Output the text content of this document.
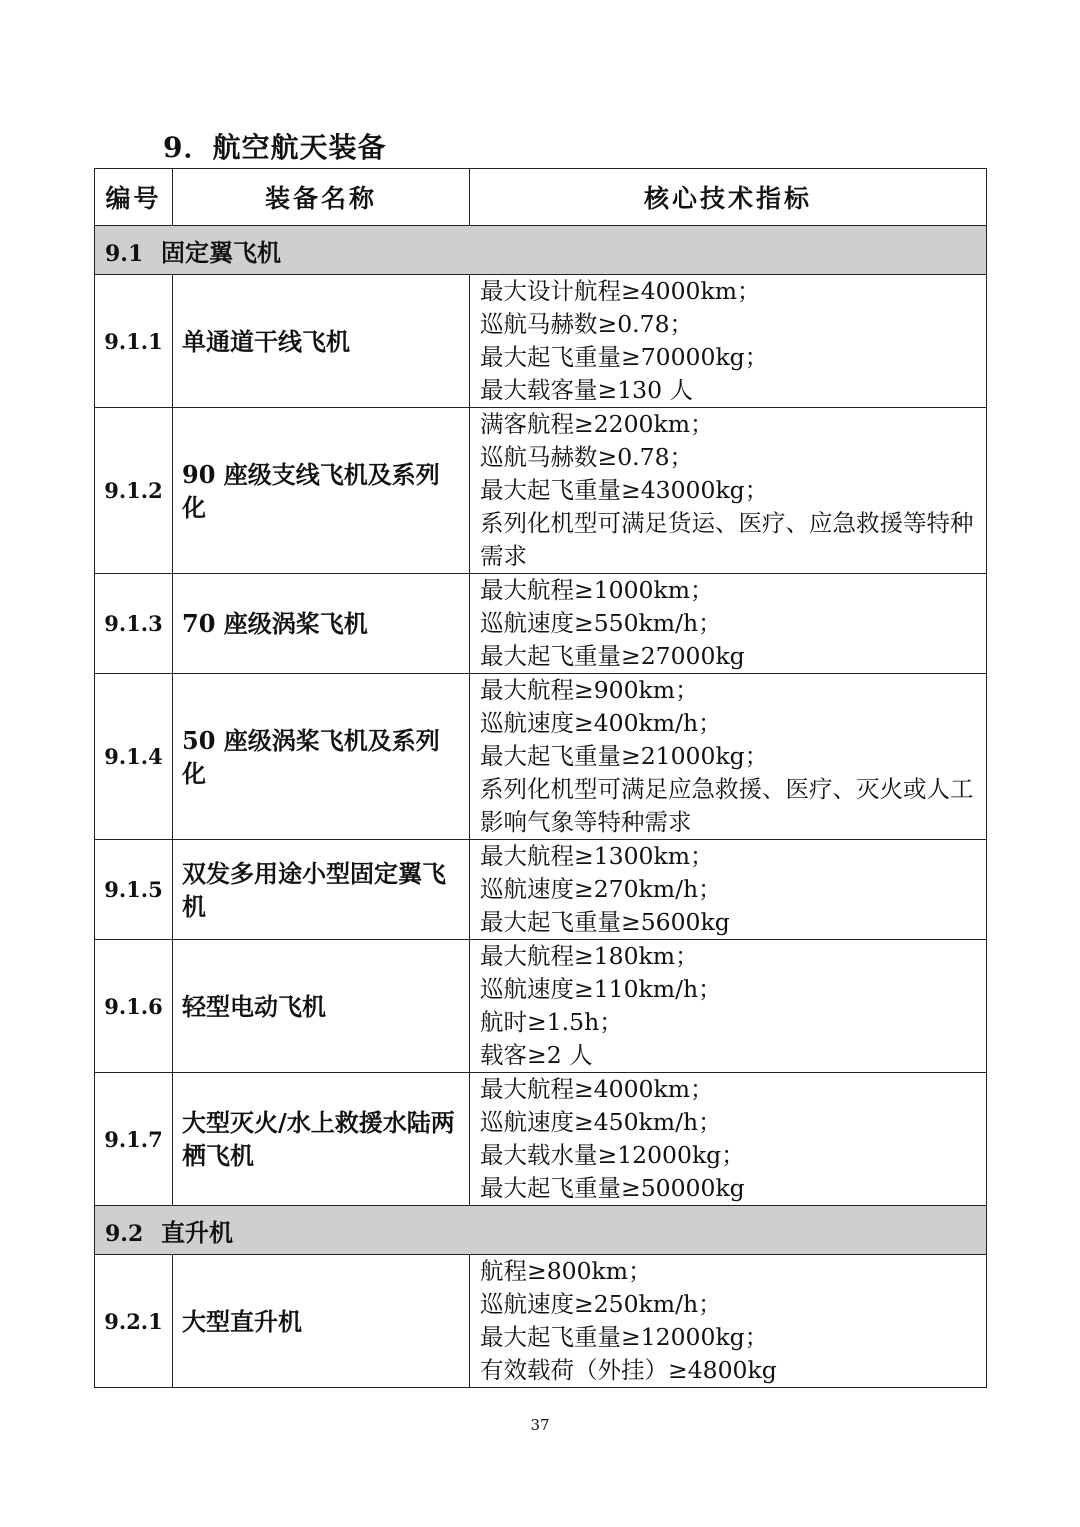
9．航空航天装备
编号	装备名称	核心技术指标
9.1 固定翼飞机		
9.1.1	单通道干线飞机	最大设计航程≥4000km；
巡航马赫数≥0.78；
最大起飞重量≥70000kg；
最大载客量≥130 人

9.1.2	90 座级支线飞机及系列化	满客航程≥2200km；
巡航马赫数≥0.78；
最大起飞重量≥43000kg；
系列化机型可满足货运、医疗、应急救援等特种需求

9.1.3	70 座级涡桨飞机	最大航程≥1000km；
巡航速度≥550km/h；
最大起飞重量≥27000kg

9.1.4	50 座级涡桨飞机及系列化	最大航程≥900km；
巡航速度≥400km/h；
最大起飞重量≥21000kg；
系列化机型可满足应急救援、医疗、灭火或人工影响气象等特种需求

9.1.5	双发多用途小型固定翼飞机	最大航程≥1300km；
巡航速度≥270km/h；
最大起飞重量≥5600kg

9.1.6	轻型电动飞机	最大航程≥180km；
巡航速度≥110km/h；
航时≥1.5h；
载客≥2 人

9.1.7	大型灭火/水上救援水陆两栖飞机	最大航程≥4000km；
巡航速度≥450km/h；
最大载水量≥12000kg；
最大起飞重量≥50000kg

9.2 直升机		
9.2.1	大型直升机	航程≥800km；
巡航速度≥250km/h；
最大起飞重量≥12000kg；
有效载荷（外挂）≥4800kg
37
